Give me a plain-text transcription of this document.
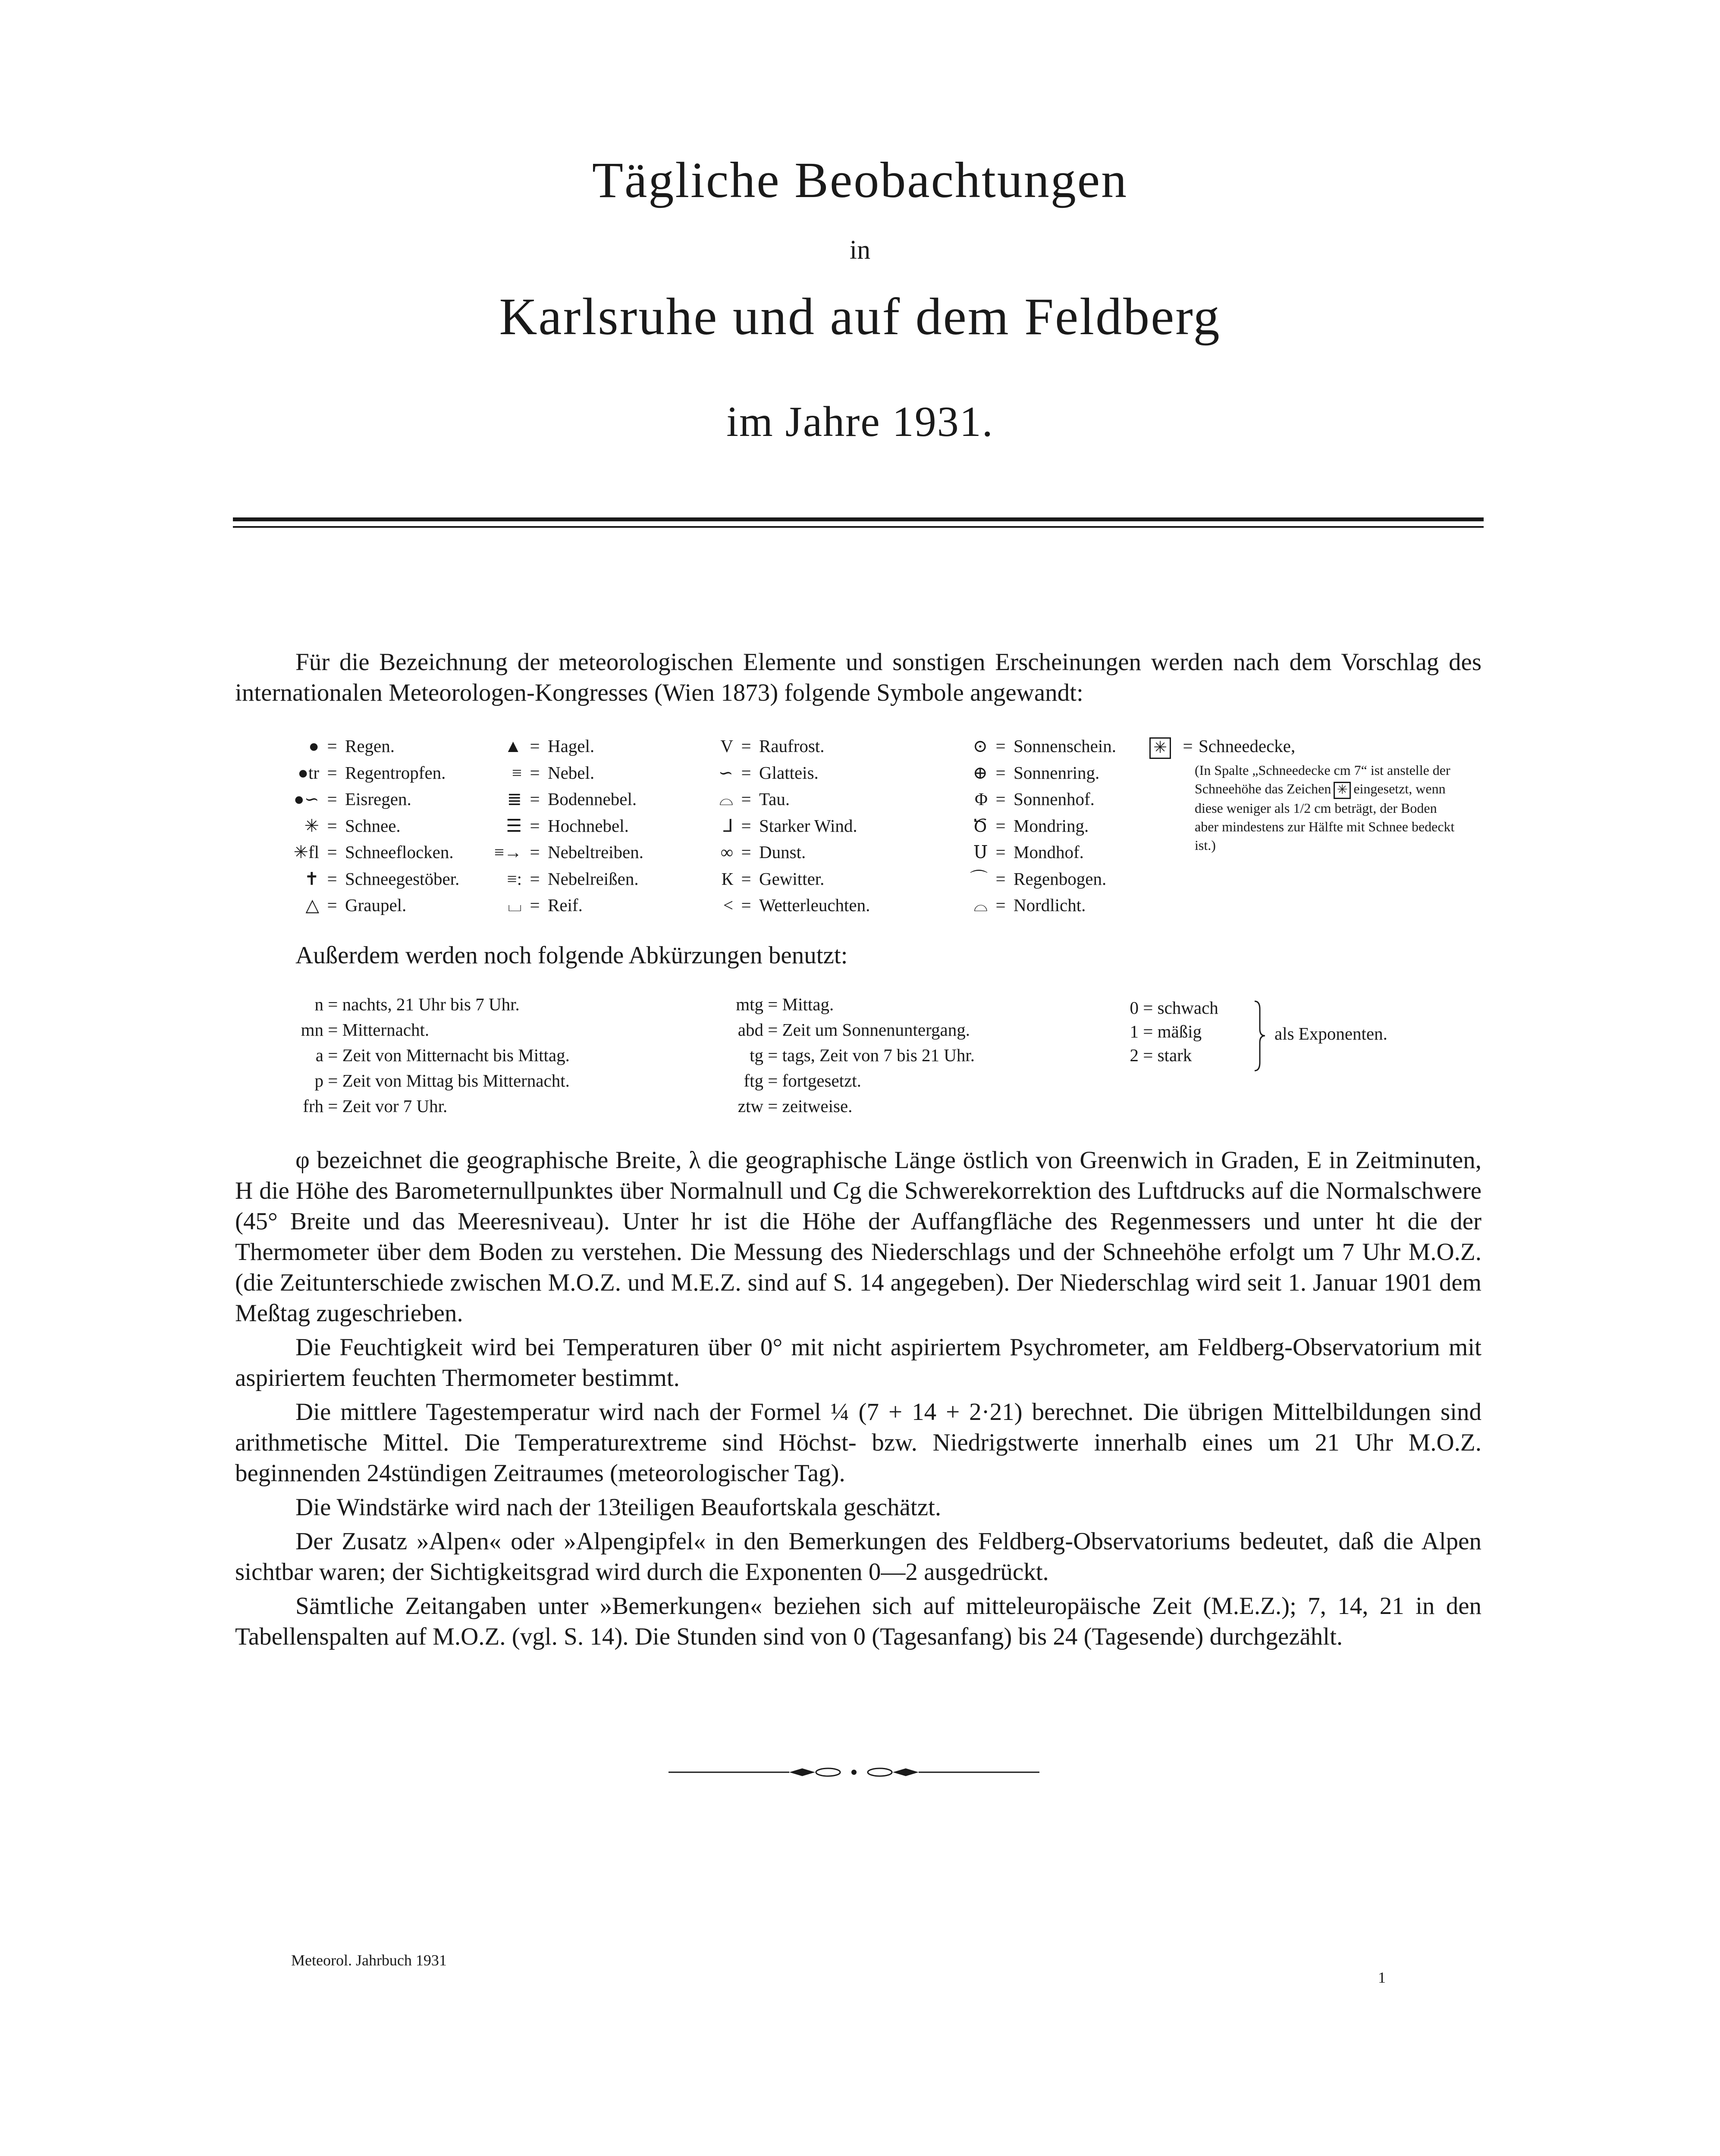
Tägliche Beobachtungen
in
Karlsruhe und auf dem Feldberg
im Jahre 1931.

Für die Bezeichnung der meteorologischen Elemente und sonstigen Erscheinungen werden nach dem Vorschlag des internationalen Meteorologen-Kongresses (Wien 1873) folgende Symbole angewandt:

● = Regen.
●tr = Regentropfen.
●∽ = Eisregen.
✳ = Schnee.
✳fl = Schneeflocken.
✝ = Schneegestöber.
△ = Graupel.
▲ = Hagel.
≡ = Nebel.
≣ = Bodennebel.
☰ = Hochnebel.
≡→ = Nebeltreiben.
≡: = Nebelreißen.
⌴ = Reif.
V = Raufrost.
∽ = Glatteis.
⌓ = Tau.
⅃ = Starker Wind.
∞ = Dunst.
К = Gewitter.
< = Wetterleuchten.
⊙ = Sonnenschein.
⊕ = Sonnenring.
Φ = Sonnenhof.
Ծ = Mondring.
Ս = Mondhof.
⌒ = Regenbogen.
⌓ = Nordlicht.
✳ = Schneedecke,
(In Spalte „Schneedecke cm 7“ ist anstelle der Schneehöhe das Zeichen ✳ eingesetzt, wenn diese weniger als 1/2 cm beträgt, der Boden aber mindestens zur Hälfte mit Schnee bedeckt ist.)

Außerdem werden noch folgende Abkürzungen benutzt:

n = nachts, 21 Uhr bis 7 Uhr.
mn = Mitternacht.
a = Zeit von Mitternacht bis Mittag.
p = Zeit von Mittag bis Mitternacht.
frh = Zeit vor 7 Uhr.
mtg = Mittag.
abd = Zeit um Sonnenuntergang.
tg = tags, Zeit von 7 bis 21 Uhr.
ftg = fortgesetzt.
ztw = zeitweise.
0 = schwach
1 = mäßig
2 = stark
als Exponenten.

φ bezeichnet die geographische Breite, λ die geographische Länge östlich von Greenwich in Graden, E in Zeitminuten, H die Höhe des Barometernullpunktes über Normalnull und Cg die Schwerekorrektion des Luftdrucks auf die Normalschwere (45° Breite und das Meeresniveau). Unter hr ist die Höhe der Auffangfläche des Regenmessers und unter ht die der Thermometer über dem Boden zu verstehen. Die Messung des Niederschlags und der Schneehöhe erfolgt um 7 Uhr M.O.Z. (die Zeitunterschiede zwischen M.O.Z. und M.E.Z. sind auf S. 14 angegeben). Der Niederschlag wird seit 1. Januar 1901 dem Meßtag zugeschrieben.

Die Feuchtigkeit wird bei Temperaturen über 0° mit nicht aspiriertem Psychrometer, am Feldberg-Observatorium mit aspiriertem feuchten Thermometer bestimmt.

Die mittlere Tagestemperatur wird nach der Formel ¼ (7 + 14 + 2·21) berechnet. Die übrigen Mittelbildungen sind arithmetische Mittel. Die Temperaturextreme sind Höchst- bzw. Niedrigstwerte innerhalb eines um 21 Uhr M.O.Z. beginnenden 24stündigen Zeitraumes (meteorologischer Tag).

Die Windstärke wird nach der 13teiligen Beaufortskala geschätzt.

Der Zusatz »Alpen« oder »Alpengipfel« in den Bemerkungen des Feldberg-Observatoriums bedeutet, daß die Alpen sichtbar waren; der Sichtigkeitsgrad wird durch die Exponenten 0—2 ausgedrückt.

Sämtliche Zeitangaben unter »Bemerkungen« beziehen sich auf mitteleuropäische Zeit (M.E.Z.); 7, 14, 21 in den Tabellenspalten auf M.O.Z. (vgl. S. 14). Die Stunden sind von 0 (Tagesanfang) bis 24 (Tagesende) durchgezählt.

Meteorol. Jahrbuch 1931
1
